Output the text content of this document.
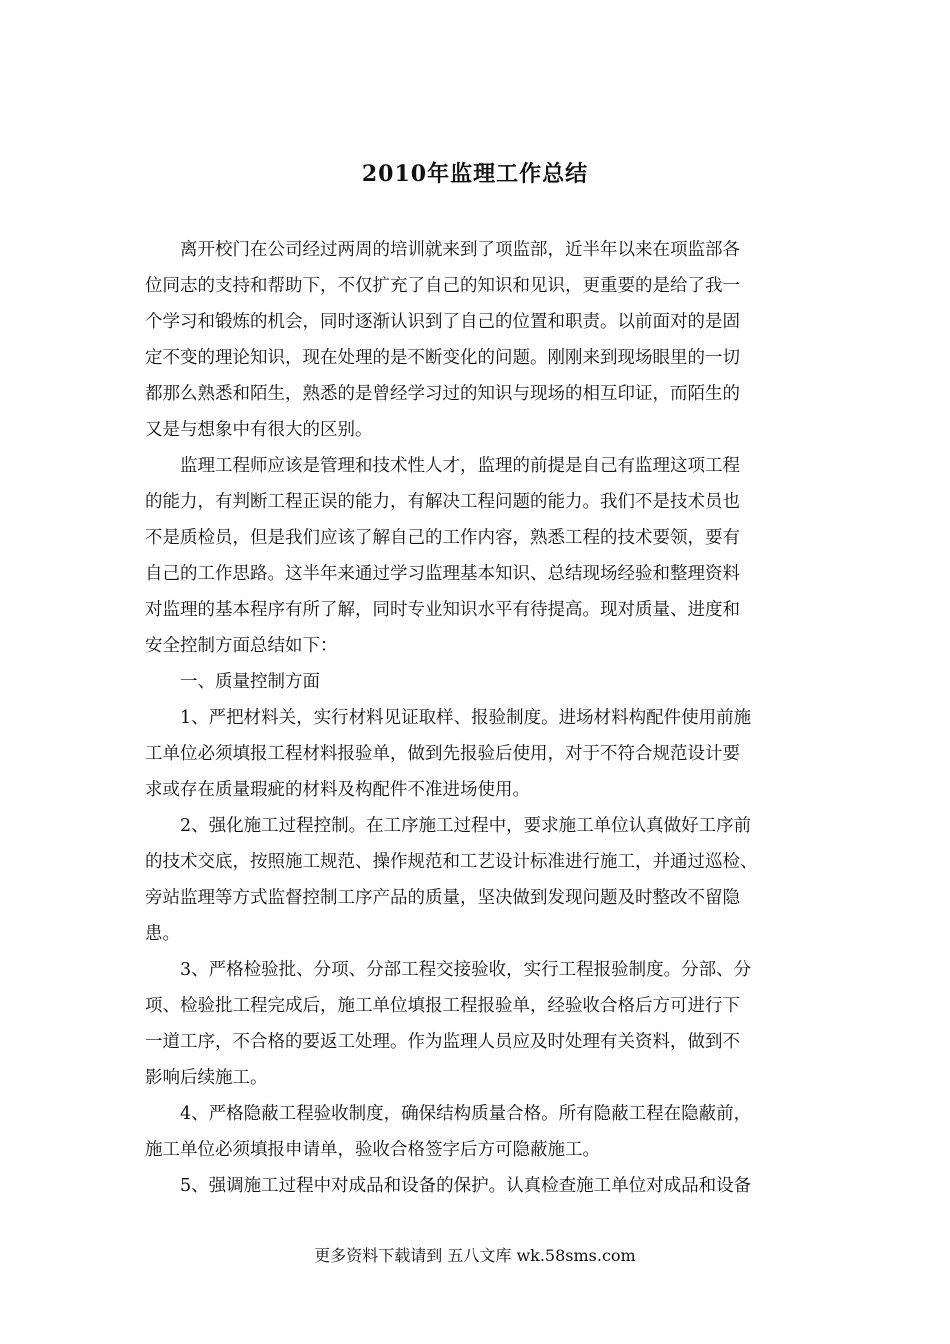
2010年监理工作总结
　　离开校门在公司经过两周的培训就来到了项监部，近半年以来在项监部各
位同志的支持和帮助下，不仅扩充了自己的知识和见识，更重要的是给了我一
个学习和锻炼的机会，同时逐渐认识到了自己的位置和职责。以前面对的是固
定不变的理论知识，现在处理的是不断变化的问题。刚刚来到现场眼里的一切
都那么熟悉和陌生，熟悉的是曾经学习过的知识与现场的相互印证，而陌生的
又是与想象中有很大的区别。
　　监理工程师应该是管理和技术性人才，监理的前提是自己有监理这项工程
的能力，有判断工程正误的能力，有解决工程问题的能力。我们不是技术员也
不是质检员，但是我们应该了解自己的工作内容，熟悉工程的技术要领，要有
自己的工作思路。这半年来通过学习监理基本知识、总结现场经验和整理资料
对监理的基本程序有所了解，同时专业知识水平有待提高。现对质量、进度和
安全控制方面总结如下：
　　一、质量控制方面
　　1、严把材料关，实行材料见证取样、报验制度。进场材料构配件使用前施
工单位必须填报工程材料报验单，做到先报验后使用，对于不符合规范设计要
求或存在质量瑕疵的材料及构配件不准进场使用。
　　2、强化施工过程控制。在工序施工过程中，要求施工单位认真做好工序前
的技术交底，按照施工规范、操作规范和工艺设计标准进行施工，并通过巡检、
旁站监理等方式监督控制工序产品的质量，坚决做到发现问题及时整改不留隐
患。
　　3、严格检验批、分项、分部工程交接验收，实行工程报验制度。分部、分
项、检验批工程完成后，施工单位填报工程报验单，经验收合格后方可进行下
一道工序，不合格的要返工处理。作为监理人员应及时处理有关资料，做到不
影响后续施工。
　　4、严格隐蔽工程验收制度，确保结构质量合格。所有隐蔽工程在隐蔽前，
施工单位必须填报申请单，验收合格签字后方可隐蔽施工。
　　5、强调施工过程中对成品和设备的保护。认真检查施工单位对成品和设备
更多资料下载请到 五八文库 wk.58sms.com
